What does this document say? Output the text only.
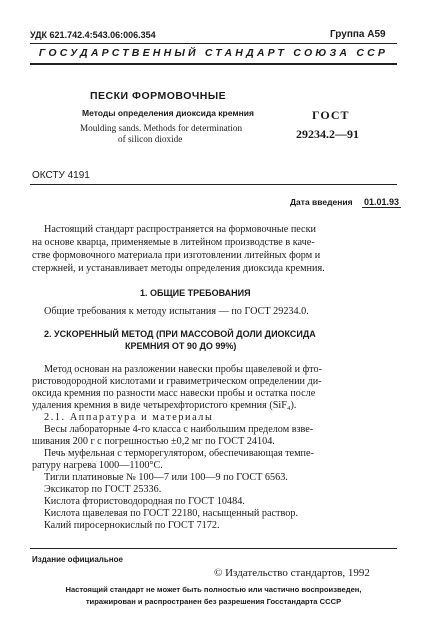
УДК 621.742.4:543.06:006.354	Группа А59
ГОСУДАРСТВЕННЫЙ СТАНДАРТ СОЮЗА ССР
ПЕСКИ ФОРМОВОЧНЫЕ
Методы определения диоксида кремния
Moulding sands. Methods for determination
of silicon dioxide
ГОСТ
29234.2—91
ОКСТУ 4191
Дата введения 01.01.93
Настоящий стандарт распространяется на формовочные пески
на основе кварца, применяемые в литейном производстве в каче-
стве формовочного материала при изготовлении литейных форм и
стержней, и устанавливает методы определения диоксида кремния.
1. ОБЩИЕ ТРЕБОВАНИЯ
Общие требования к методу испытания — по ГОСТ 29234.0.
2. УСКОРЕННЫЙ МЕТОД (ПРИ МАССОВОЙ ДОЛИ ДИОКСИДА
КРЕМНИЯ ОТ 90 ДО 99%)
Метод основан на разложении навески пробы щавелевой и фто-
ристоводородной кислотами и гравиметрическом определении ди-
оксида кремния по разности масс навески пробы и остатка после
удаления кремния в виде четырехфтористого кремния (SiF₄).
2.1. Аппаратура и материалы
Весы лабораторные 4-го класса с наибольшим пределом взве-
шивания 200 г с погрешностью ±0,2 мг по ГОСТ 24104.
Печь муфельная с терморегулятором, обеспечивающая темпе-
ратуру нагрева 1000—1100°С.
Тигли платиновые № 100—7 или 100—9 по ГОСТ 6563.
Эксикатор по ГОСТ 25336.
Кислота фтористоводородная по ГОСТ 10484.
Кислота щавелевая по ГОСТ 22180, насыщенный раствор.
Калий пиросернокислый по ГОСТ 7172.
Издание официальное
© Издательство стандартов, 1992
Настоящий стандарт не может быть полностью или частично воспроизведен,
тиражирован и распространен без разрешения Госстандарта СССР
